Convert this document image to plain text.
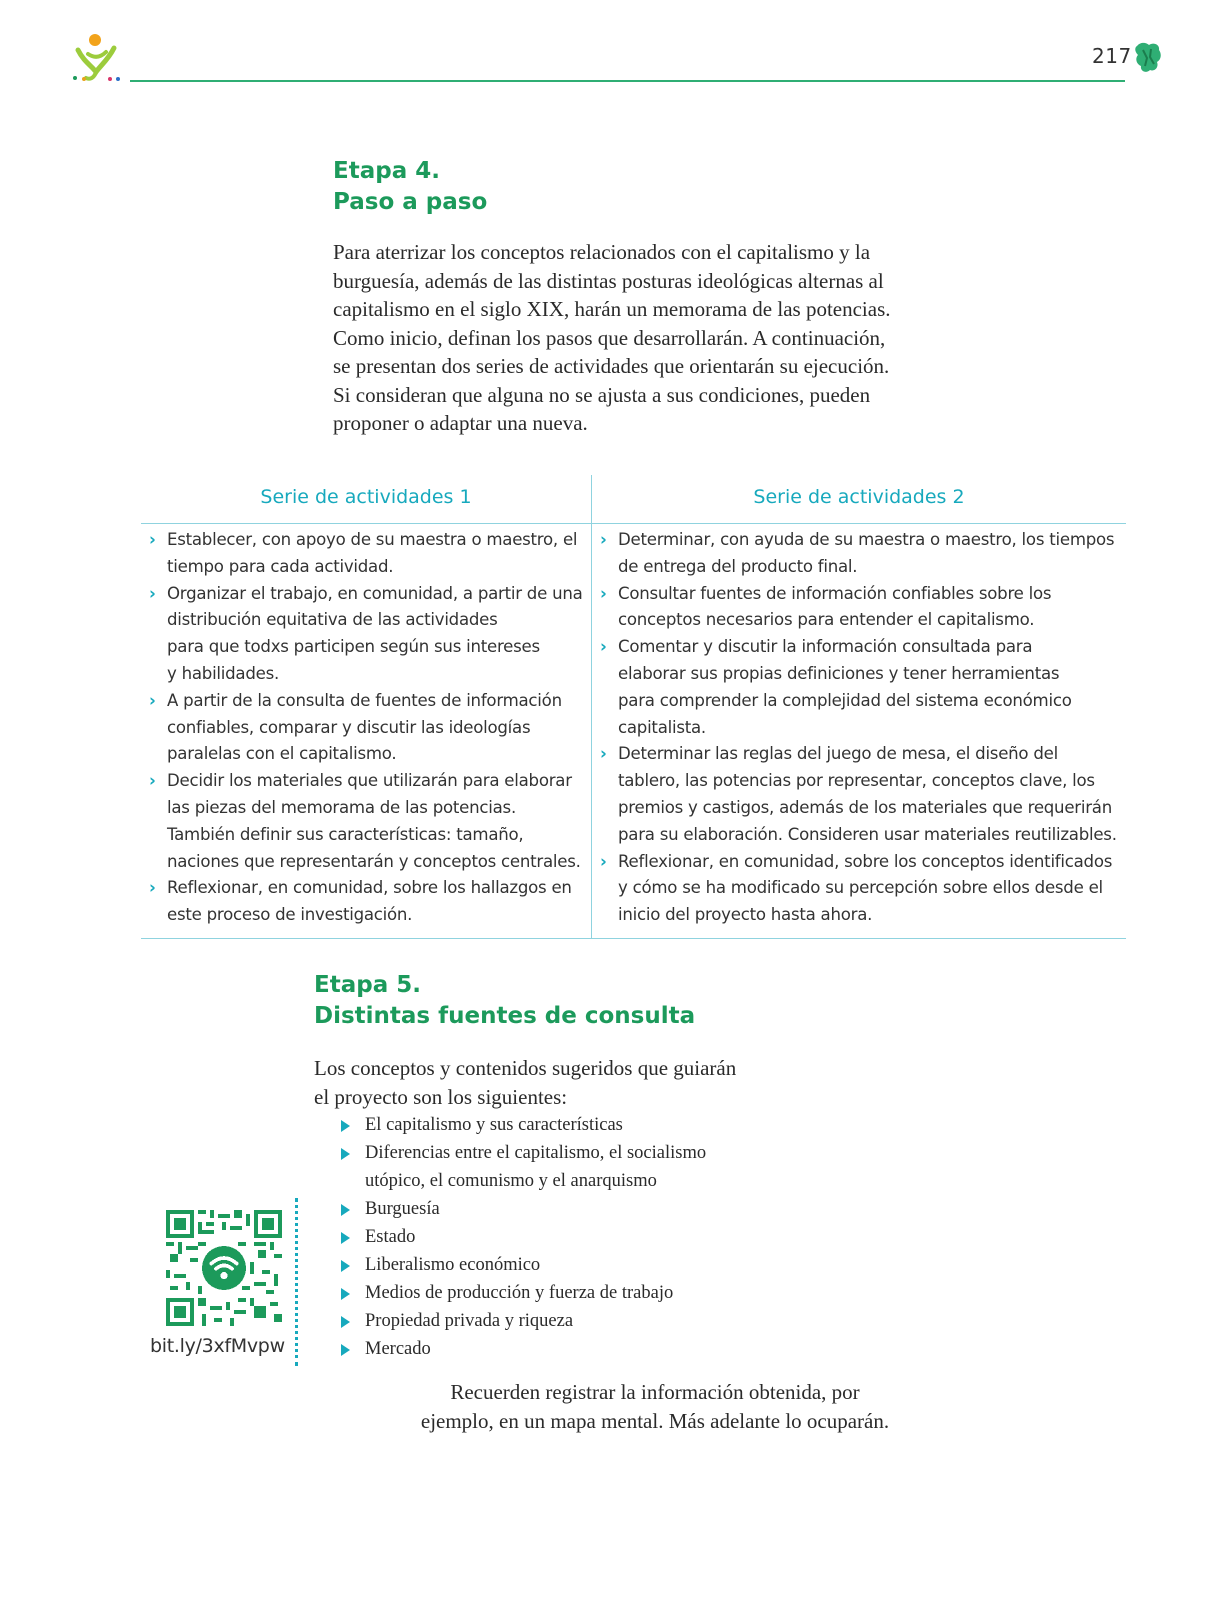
217
Etapa 4.
Paso a paso

Para aterrizar los conceptos relacionados con el capitalismo y la
burguesía, además de las distintas posturas ideológicas alternas al
capitalismo en el siglo XIX, harán un memorama de las potencias.
Como inicio, definan los pasos que desarrollarán. A continuación,
se presentan dos series de actividades que orientarán su ejecución.
Si consideran que alguna no se ajusta a sus condiciones, pueden
proponer o adaptar una nueva.

Serie de actividades 1	Serie de actividades 2
› Establecer, con apoyo de su maestra o maestro, el
tiempo para cada actividad.
› Organizar el trabajo, en comunidad, a partir de una
distribución equitativa de las actividades
para que todxs participen según sus intereses
y habilidades.
› A partir de la consulta de fuentes de información
confiables, comparar y discutir las ideologías
paralelas con el capitalismo.
› Decidir los materiales que utilizarán para elaborar
las piezas del memorama de las potencias.
También definir sus características: tamaño,
naciones que representarán y conceptos centrales.
› Reflexionar, en comunidad, sobre los hallazgos en
este proceso de investigación.
› Determinar, con ayuda de su maestra o maestro, los tiempos
de entrega del producto final.
› Consultar fuentes de información confiables sobre los
conceptos necesarios para entender el capitalismo.
› Comentar y discutir la información consultada para
elaborar sus propias definiciones y tener herramientas
para comprender la complejidad del sistema económico
capitalista.
› Determinar las reglas del juego de mesa, el diseño del
tablero, las potencias por representar, conceptos clave, los
premios y castigos, además de los materiales que requerirán
para su elaboración. Consideren usar materiales reutilizables.
› Reflexionar, en comunidad, sobre los conceptos identificados
y cómo se ha modificado su percepción sobre ellos desde el
inicio del proyecto hasta ahora.
Etapa 5.
Distintas fuentes de consulta

Los conceptos y contenidos sugeridos que guiarán
el proyecto son los siguientes:

El capitalismo y sus características
Diferencias entre el capitalismo, el socialismo
utópico, el comunismo y el anarquismo
Burguesía
Estado
Liberalismo económico
Medios de producción y fuerza de trabajo
Propiedad privada y riqueza
Mercado
bit.ly/3xfMvpw

Recuerden registrar la información obtenida, por
ejemplo, en un mapa mental. Más adelante lo ocuparán.
